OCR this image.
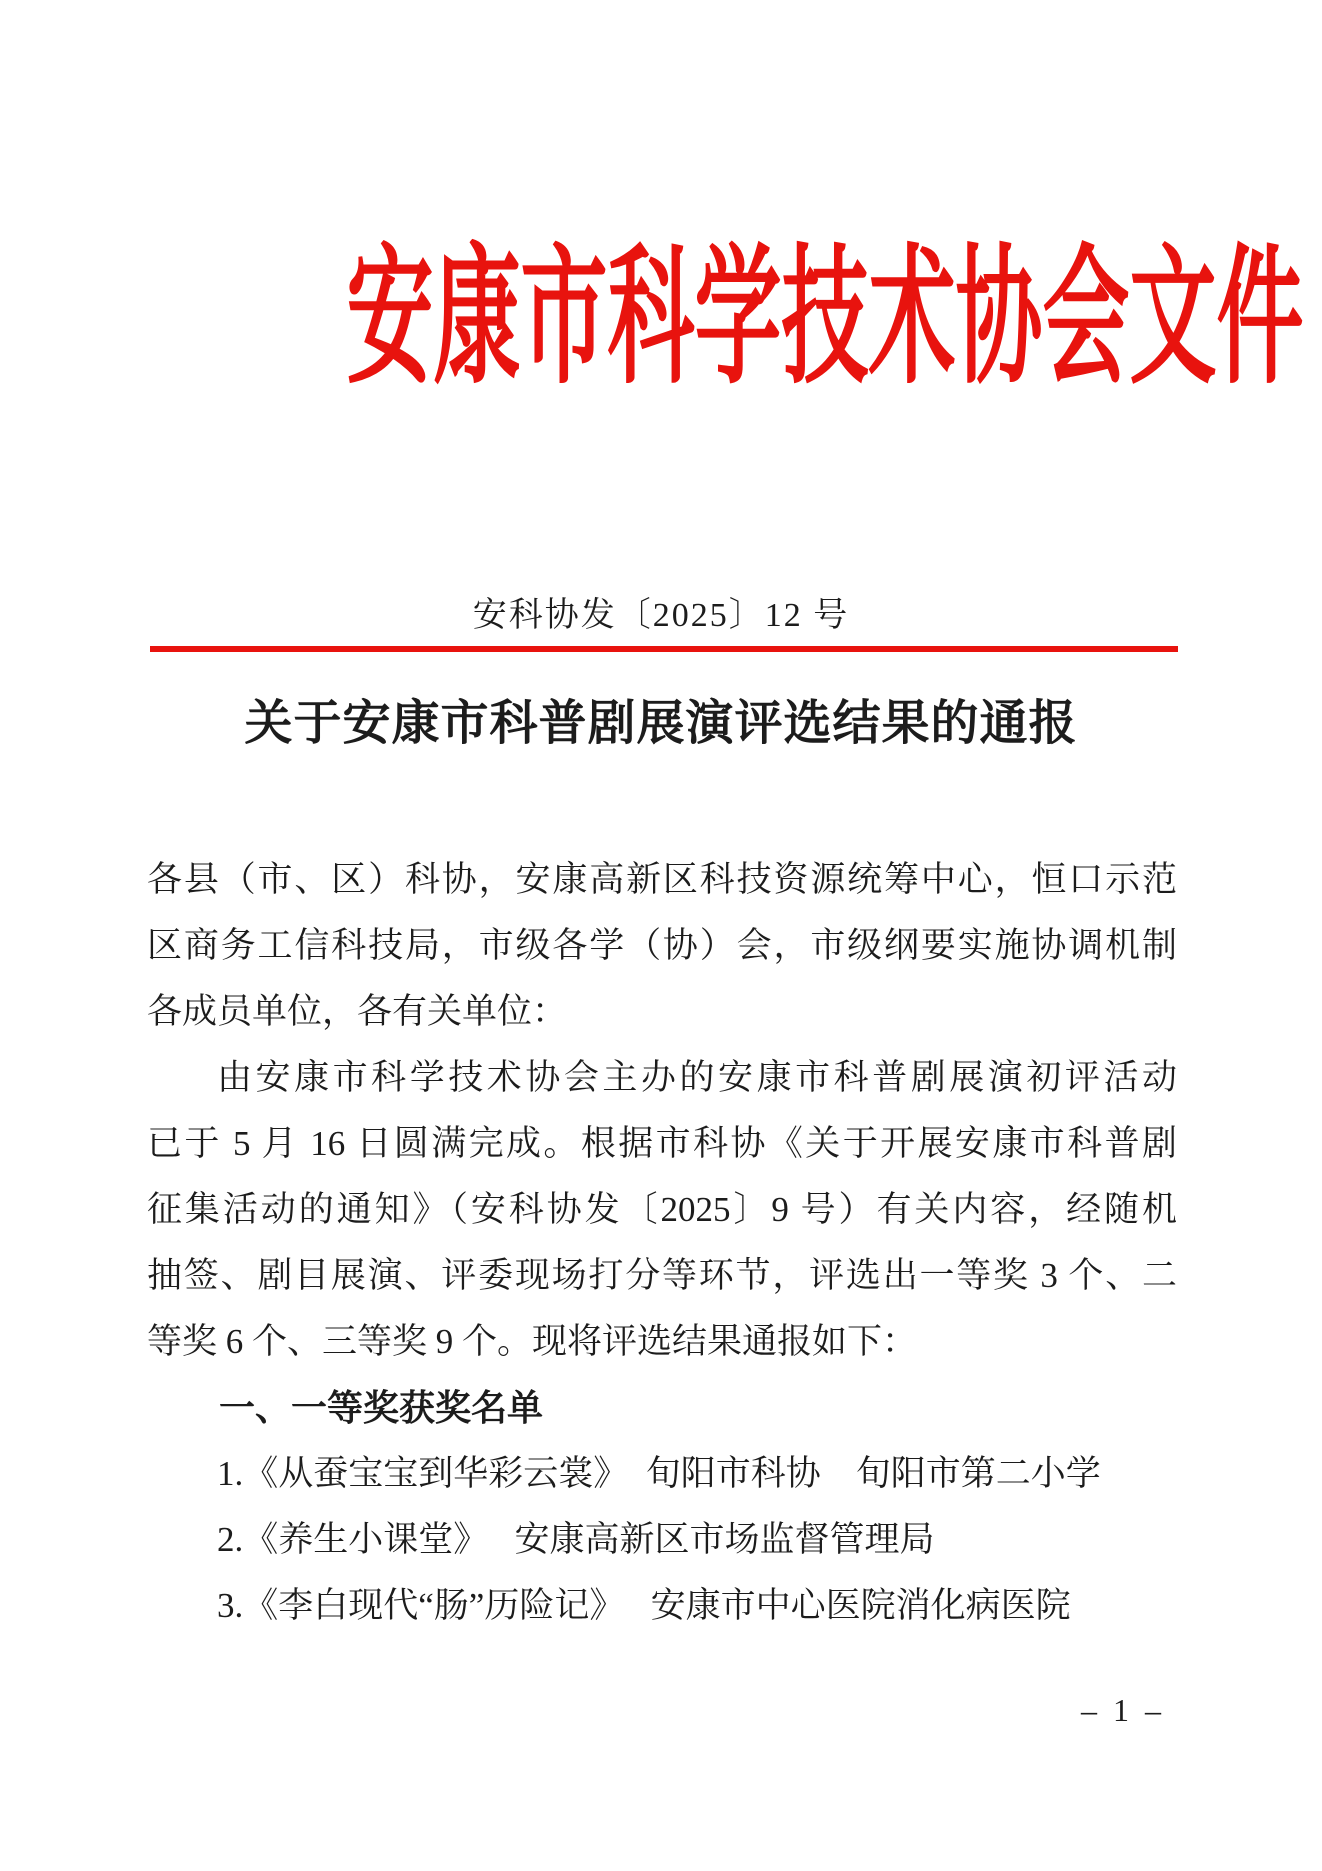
安康市科学技术协会文件
安科协发〔2025〕12 号
关于安康市科普剧展演评选结果的通报
各县（市、区）科协，安康高新区科技资源统筹中心，恒口示范
区商务工信科技局，市级各学（协）会，市级纲要实施协调机制
各成员单位，各有关单位：
由安康市科学技术协会主办的安康市科普剧展演初评活动
已于 5 月 16 日圆满完成。根据市科协《关于开展安康市科普剧
征集活动的通知》（安科协发〔2025〕9 号）有关内容，经随机
抽签、剧目展演、评委现场打分等环节，评选出一等奖 3 个、二
等奖 6 个、三等奖 9 个。现将评选结果通报如下：
一、一等奖获奖名单
1.《从蚕宝宝到华彩云裳》　旬阳市科协　旬阳市第二小学
2.《养生小课堂》　 安康高新区市场监督管理局
3.《李白现代“肠”历险记》　 安康市中心医院消化病医院
– 1 –
